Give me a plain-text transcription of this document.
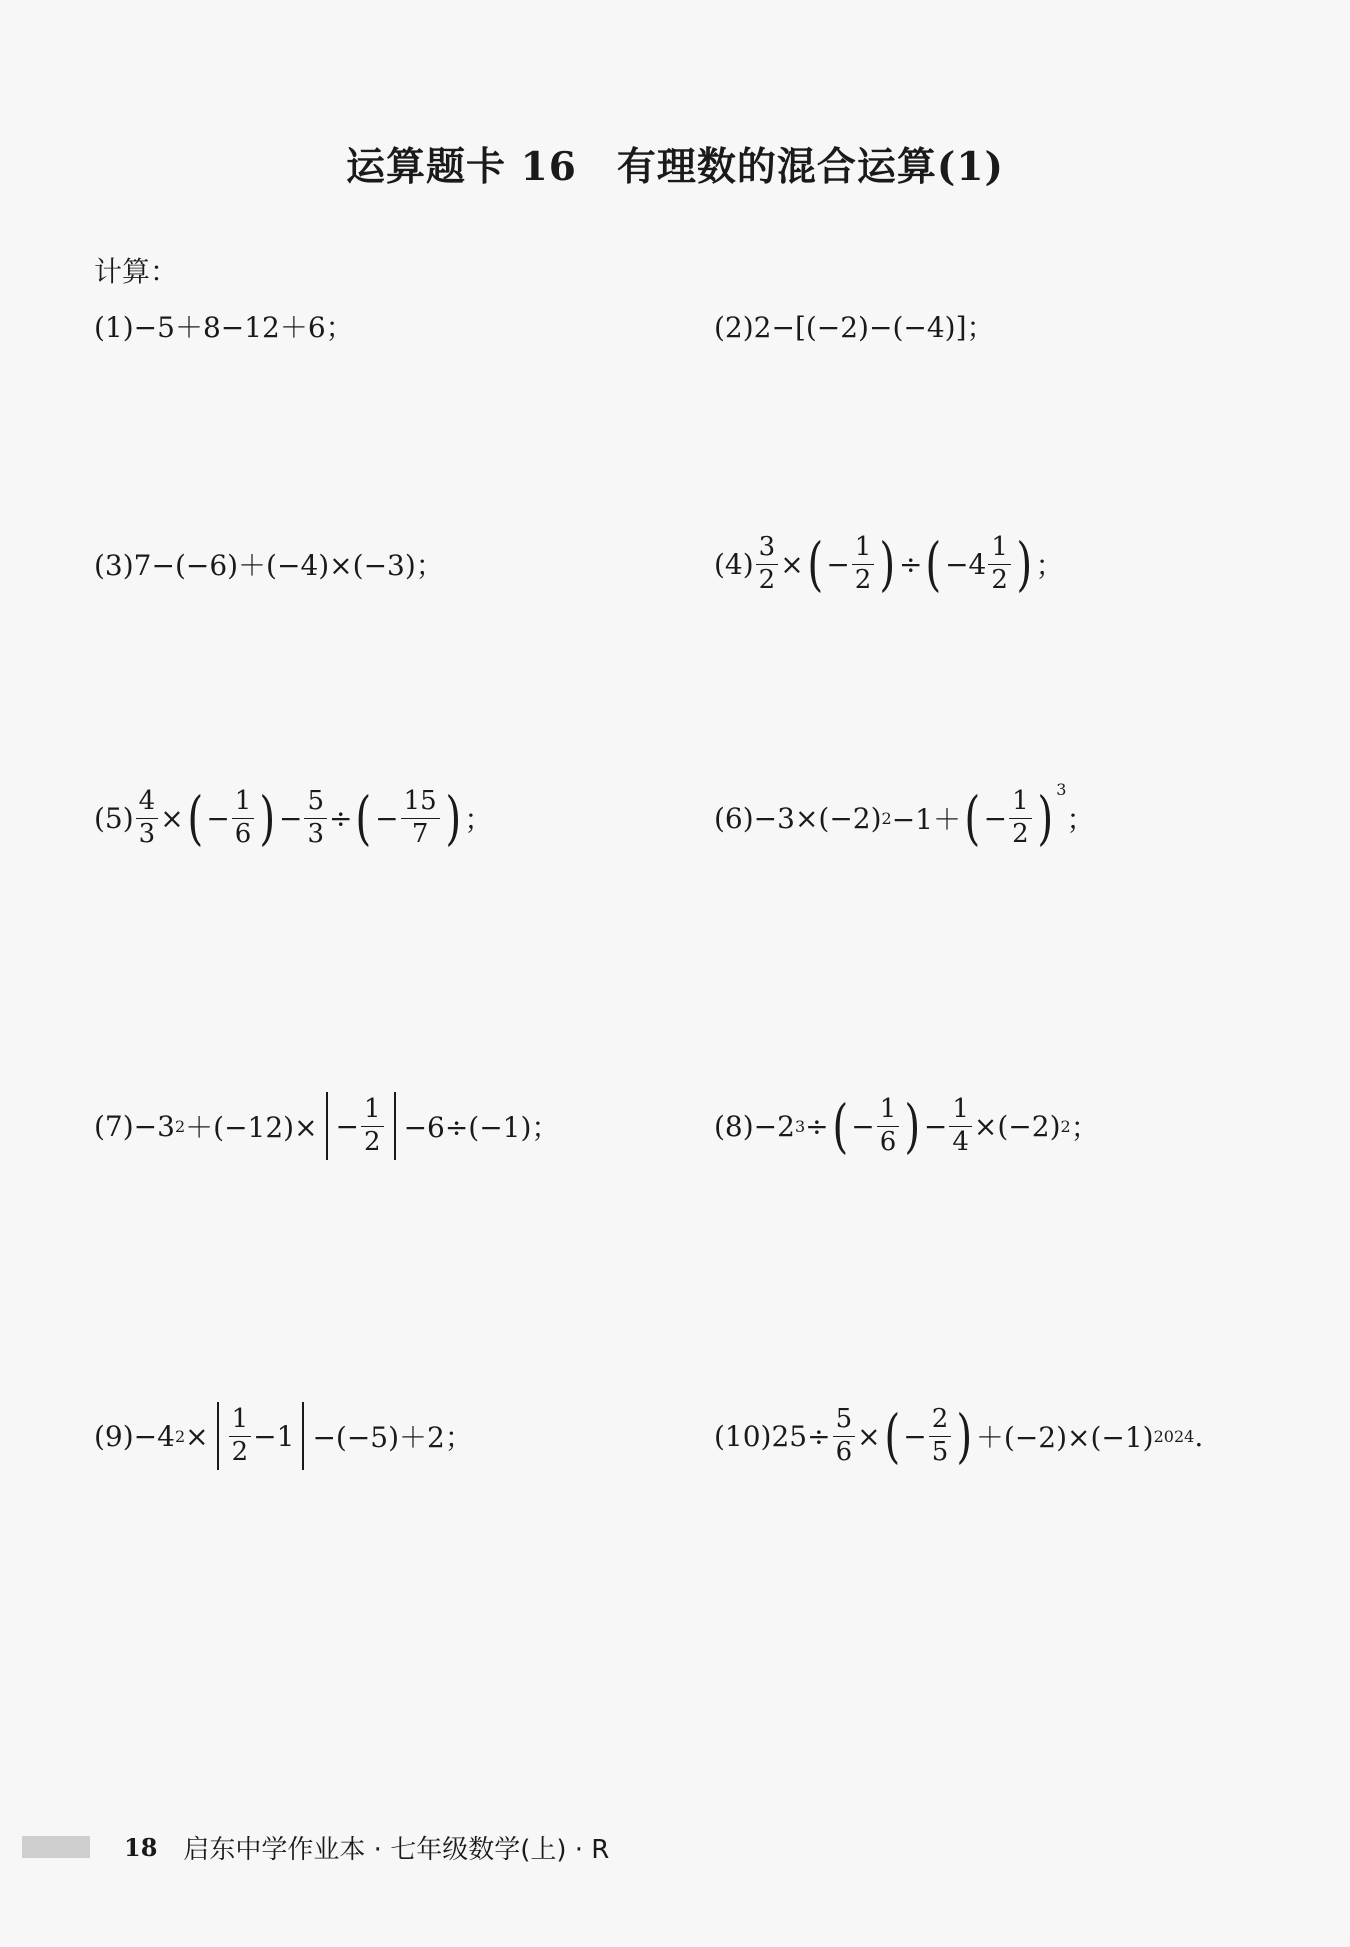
运算题卡 16　有理数的混合运算(1)
计算：
(1)−5＋8−12＋6；	(2)2−[(−2)−(−4)]；
(3)7−(−6)＋(−4)×(−3)；	$(4) \frac{3}{2}$ × ( − $\frac{1}{2}$ ) ÷ ( $-4 \frac{1}{2}$ ) ；
$(5) \frac{4}{3}$ × ( − $\frac{1}{6}$ ) − $\frac{5}{3}$ ÷ ( − $\frac{15}{7}$ ) ；	(6) −3×(−2) 2 −1＋ ( − $\frac{1}{2}$ ) 3
；
(7) −3 $2 +(-12)\times - \frac{1}{2} -6\div(-1)$；	(8) −2 3 ÷ ( − $\frac{1}{6}$ ) − $\frac{1}{4} \times(-2)$ 2 ；
(9) −4 $2 \times \frac{1}{2} -1 -(-5)+2$；	(10) $25\div \frac{5}{6}$ × ( − $\frac{2}{5}$ ) ＋(−2)×(−1) 2024 .
18 启东中学作业本 · 七年级数学(上) · R
